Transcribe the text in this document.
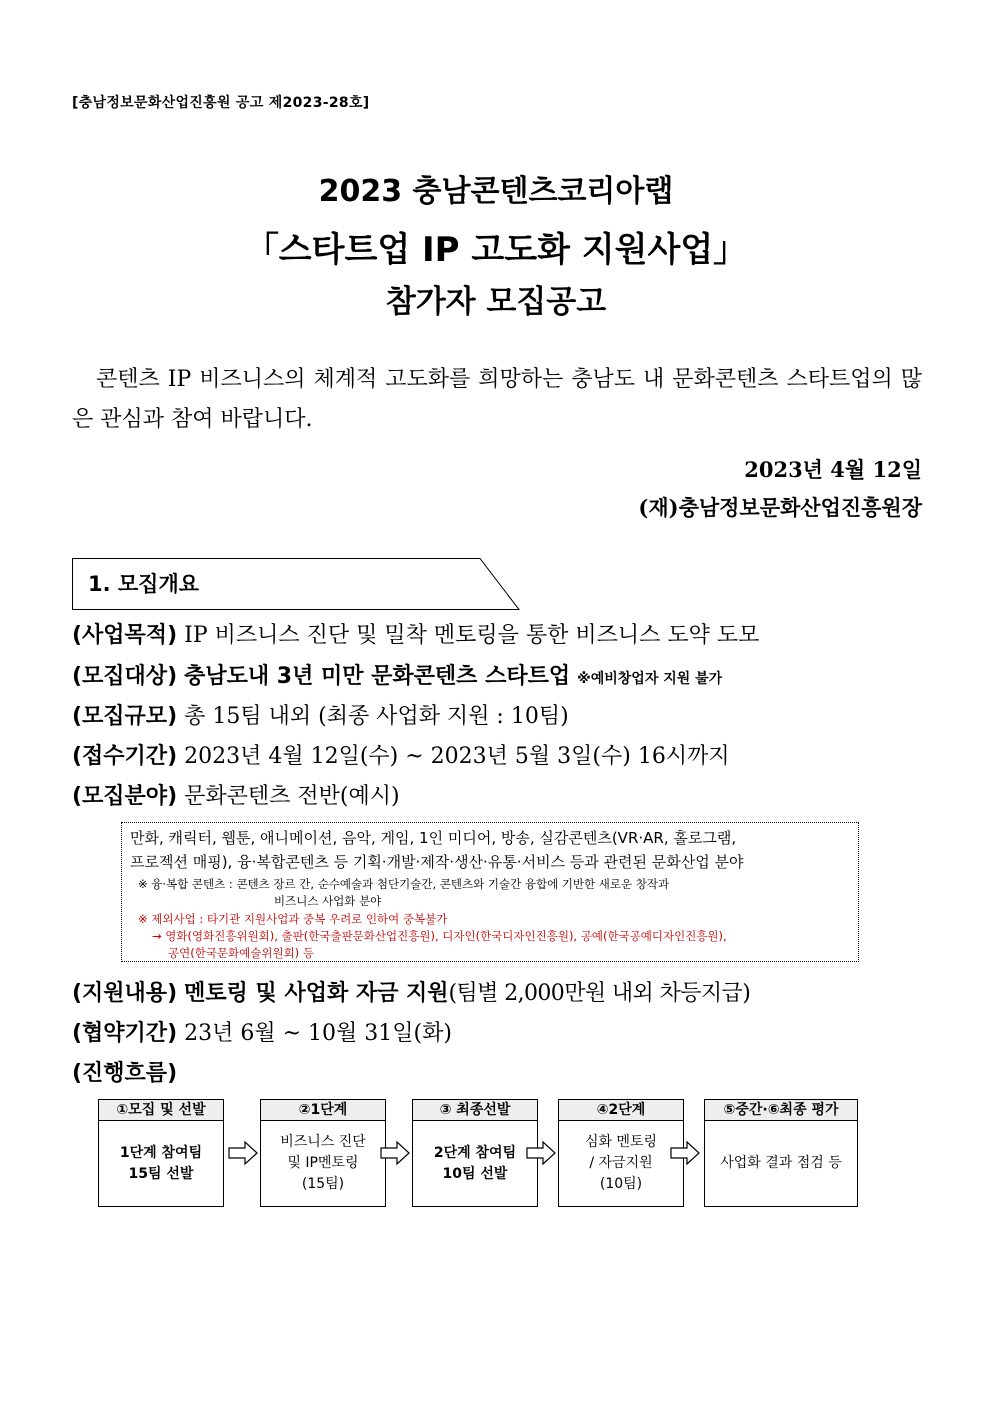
[충남정보문화산업진흥원 공고 제2023-28호]
2023 충남콘텐츠코리아랩
「스타트업 IP 고도화 지원사업」
참가자 모집공고
콘텐츠 IP 비즈니스의 체계적 고도화를 희망하는 충남도 내 문화콘텐츠 스타트업의 많은 관심과 참여 바랍니다.
2023년 4월 12일
(재)충남정보문화산업진흥원장
1. 모집개요
(사업목적) IP 비즈니스 진단 및 밀착 멘토링을 통한 비즈니스 도약 도모
(모집대상) 충남도내 3년 미만 문화콘텐츠 스타트업 ※예비창업자 지원 불가
(모집규모) 총 15팀 내외 (최종 사업화 지원 : 10팀)
(접수기간) 2023년 4월 12일(수) ~ 2023년 5월 3일(수) 16시까지
(모집분야) 문화콘텐츠 전반(예시)
만화, 캐릭터, 웹툰, 애니메이션, 음악, 게임, 1인 미디어, 방송, 실감콘텐츠(VR·AR, 홀로그램,
프로젝션 매핑), 융·복합콘텐츠 등 기획·개발·제작·생산·유통·서비스 등과 관련된 문화산업 분야
※ 융·복합 콘텐츠 : 콘텐츠 장르 간, 순수예술과 첨단기술간, 콘텐츠와 기술간 융합에 기반한 새로운 창작과
비즈니스 사업화 분야
※ 제외사업 : 타기관 지원사업과 중복 우려로 인하여 중복불가
→ 영화(영화진흥위원회), 출판(한국출판문화산업진흥원), 디자인(한국디자인진흥원), 공예(한국공예디자인진흥원),
공연(한국문화예술위원회) 등
(지원내용) 멘토링 및 사업화 자금 지원(팀별 2,000만원 내외 차등지급)
(협약기간) 23년 6월 ~ 10월 31일(화)
(진행흐름)
①모집 및 선발
1단계 참여팀
15팀 선발
②1단계
비즈니스 진단
및 IP멘토링
(15팀)
③ 최종선발
2단계 참여팀
10팀 선발
④2단계
심화 멘토링
/ 자금지원
(10팀)
⑤중간·⑥최종 평가
사업화 결과 점검 등
